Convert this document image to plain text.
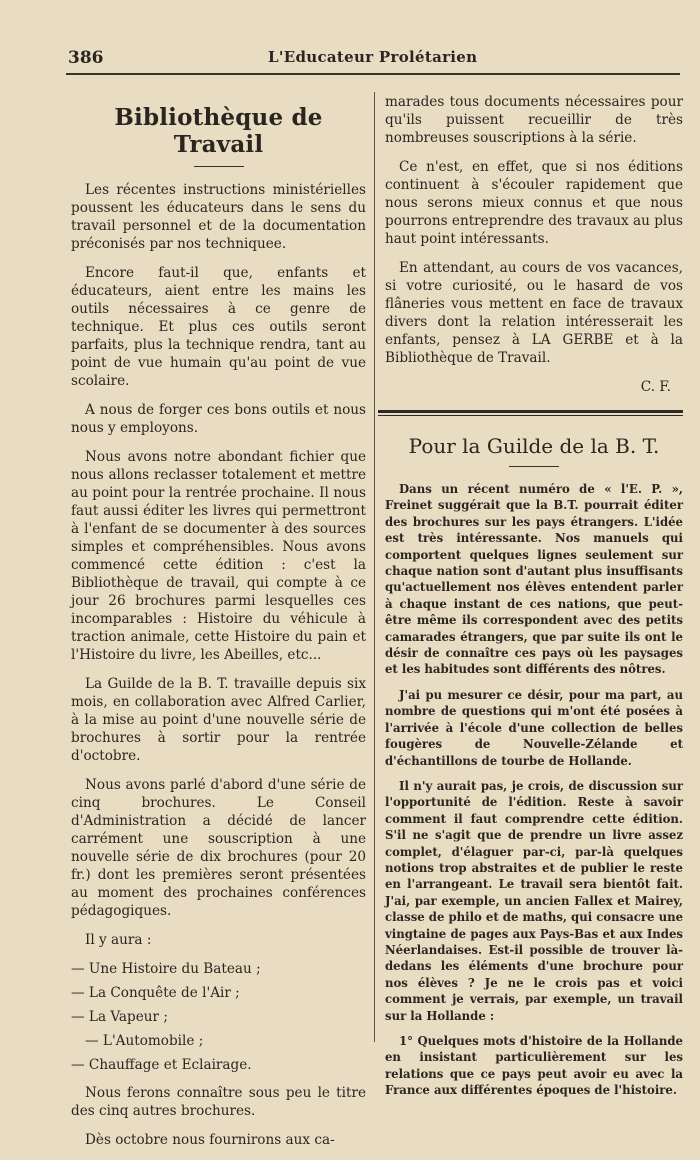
386	L'Educateur Prolétarien
Bibliothèque de Travail

Les récentes instructions ministérielles poussent les éducateurs dans le sens du travail personnel et de la documentation préconisés par nos techniquee.

Encore faut-il que, enfants et éducateurs, aient entre les mains les outils nécessaires à ce genre de technique. Et plus ces outils seront parfaits, plus la technique rendra, tant au point de vue humain qu'au point de vue scolaire.

A nous de forger ces bons outils et nous nous y employons.

Nous avons notre abondant fichier que nous allons reclasser totalement et mettre au point pour la rentrée prochaine. Il nous faut aussi éditer les livres qui permettront à l'enfant de se documenter à des sources simples et compréhensibles. Nous avons commencé cette édition : c'est la Bibliothèque de travail, qui compte à ce jour 26 brochures parmi lesquelles ces incomparables : Histoire du véhicule à traction animale, cette Histoire du pain et l'Histoire du livre, les Abeilles, etc...

La Guilde de la B. T. travaille depuis six mois, en collaboration avec Alfred Carlier, à la mise au point d'une nouvelle série de brochures à sortir pour la rentrée d'octobre.

Nous avons parlé d'abord d'une série de cinq brochures. Le Conseil d'Administration a décidé de lancer carrément une souscription à une nouvelle série de dix brochures (pour 20 fr.) dont les premières seront présentées au moment des prochaines conférences pédagogiques.

Il y aura :

— Une Histoire du Bateau ;
— La Conquête de l'Air ;
— La Vapeur ;
— L'Automobile ;
— Chauffage et Eclairage.

Nous ferons connaître sous peu le titre des cinq autres brochures.

Dès octobre nous fournirons aux ca-

marades tous documents nécessaires pour qu'ils puissent recueillir de très nombreuses souscriptions à la série.

Ce n'est, en effet, que si nos éditions continuent à s'écouler rapidement que nous serons mieux connus et que nous pourrons entreprendre des travaux au plus haut point intéressants.

En attendant, au cours de vos vacances, si votre curiosité, ou le hasard de vos flâneries vous mettent en face de travaux divers dont la relation intéresserait les enfants, pensez à LA GERBE et à la Bibliothèque de Travail.

C. F.
Pour la Guilde de la B. T.

Dans un récent numéro de « l'E. P. », Freinet suggérait que la B.T. pourrait éditer des brochures sur les pays étrangers. L'idée est très intéressante. Nos manuels qui comportent quelques lignes seulement sur chaque nation sont d'autant plus insuffisants qu'actuellement nos élèves entendent parler à chaque instant de ces nations, que peut-être même ils correspondent avec des petits camarades étrangers, que par suite ils ont le désir de connaître ces pays où les paysages et les habitudes sont différents des nôtres.

J'ai pu mesurer ce désir, pour ma part, au nombre de questions qui m'ont été posées à l'arrivée à l'école d'une collection de belles fougères de Nouvelle-Zélande et d'échantillons de tourbe de Hollande.

Il n'y aurait pas, je crois, de discussion sur l'opportunité de l'édition. Reste à savoir comment il faut comprendre cette édition. S'il ne s'agit que de prendre un livre assez complet, d'élaguer par-ci, par-là quelques notions trop abstraites et de publier le reste en l'arrangeant. Le travail sera bientôt fait. J'ai, par exemple, un ancien Fallex et Mairey, classe de philo et de maths, qui consacre une vingtaine de pages aux Pays-Bas et aux Indes Néerlandaises. Est-il possible de trouver là-dedans les éléments d'une brochure pour nos élèves ? Je ne le crois pas et voici comment je verrais, par exemple, un travail sur la Hollande :

1° Quelques mots d'histoire de la Hollande en insistant particulièrement sur les relations que ce pays peut avoir eu avec la France aux différentes époques de l'histoire.
